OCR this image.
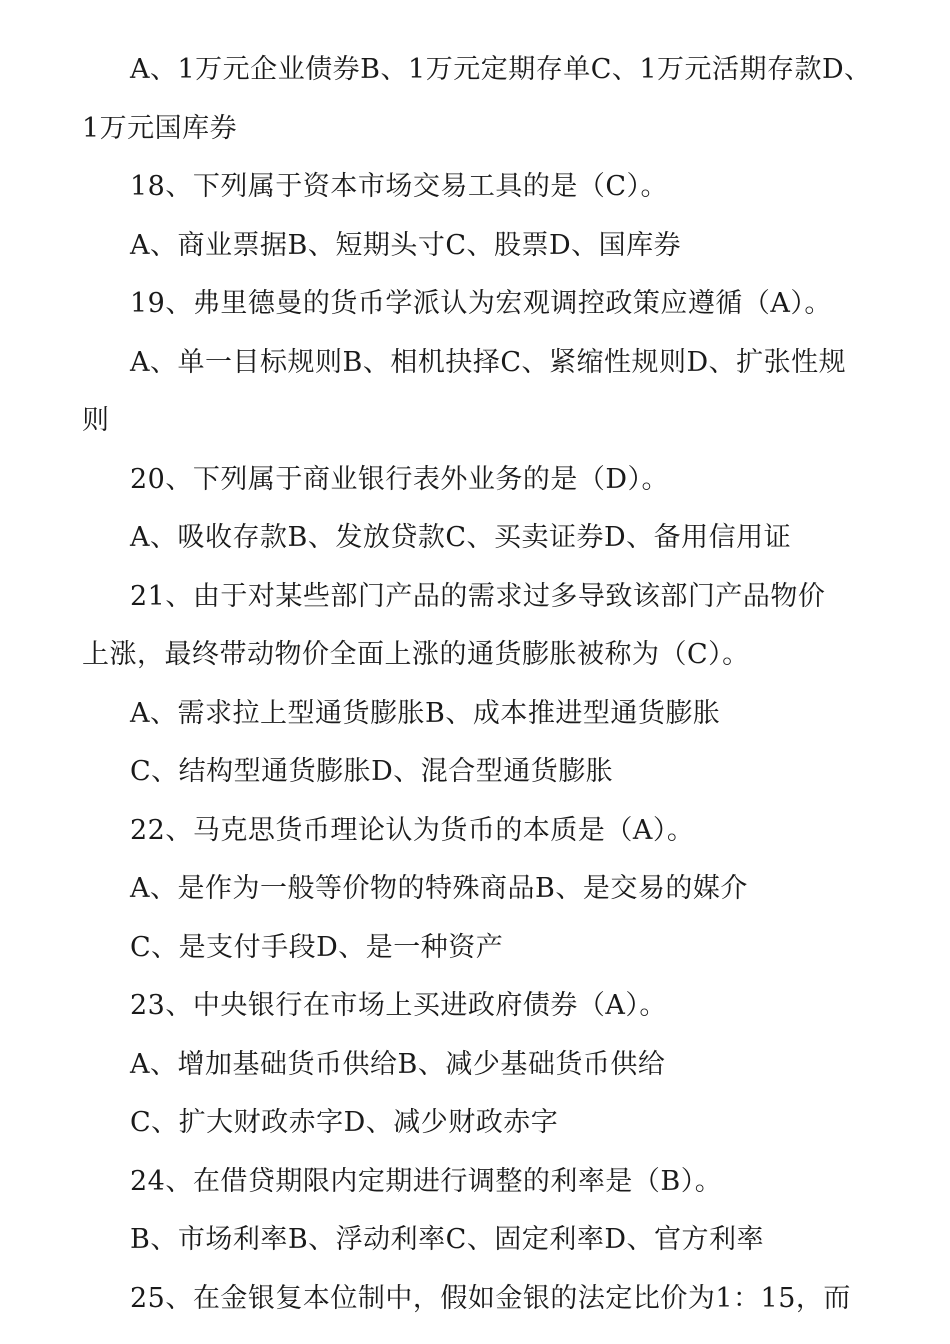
A、1万元企业债券B、1万元定期存单C、1万元活期存款D、
1万元国库券
18、下列属于资本市场交易工具的是（C）。
A、商业票据B、短期头寸C、股票D、国库券
19、弗里德曼的货币学派认为宏观调控政策应遵循（A）。
A、单一目标规则B、相机抉择C、紧缩性规则D、扩张性规
则
20、下列属于商业银行表外业务的是（D）。
A、吸收存款B、发放贷款C、买卖证券D、备用信用证
21、由于对某些部门产品的需求过多导致该部门产品物价
上涨，最终带动物价全面上涨的通货膨胀被称为（C）。
A、需求拉上型通货膨胀B、成本推进型通货膨胀
C、结构型通货膨胀D、混合型通货膨胀
22、马克思货币理论认为货币的本质是（A）。
A、是作为一般等价物的特殊商品B、是交易的媒介
C、是支付手段D、是一种资产
23、中央银行在市场上买进政府债券（A）。
A、增加基础货币供给B、减少基础货币供给
C、扩大财政赤字D、减少财政赤字
24、在借贷期限内定期进行调整的利率是（B）。
B、市场利率B、浮动利率C、固定利率D、官方利率
25、在金银复本位制中，假如金银的法定比价为1：15，而
